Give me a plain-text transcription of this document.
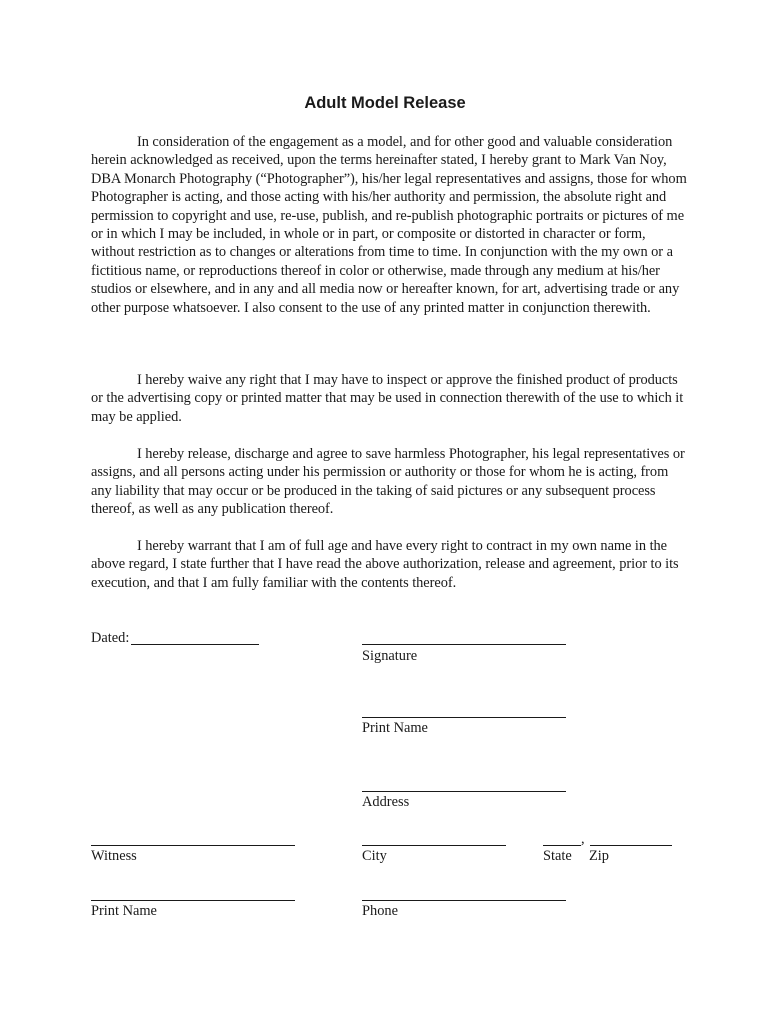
Adult Model Release

In consideration of the engagement as a model, and for other good and valuable consideration herein acknowledged as received, upon the terms hereinafter stated, I hereby grant to Mark Van Noy, DBA Monarch Photography (“Photographer”), his/her legal representatives and assigns, those for whom Photographer is acting, and those acting with his/her authority and permission, the absolute right and permission to copyright and use, re-use, publish, and re-publish photographic portraits or pictures of me or in which I may be included, in whole or in part, or composite or distorted in character or form, without restriction as to changes or alterations from time to time. In conjunction with the my own or a fictitious name, or reproductions thereof in color or otherwise, made through any medium at his/her studios or elsewhere, and in any and all media now or hereafter known, for art, advertising trade or any other purpose whatsoever. I also consent to the use of any printed matter in conjunction therewith.

I hereby waive any right that I may have to inspect or approve the finished product of products or the advertising copy or printed matter that may be used in connection therewith of the use to which it may be applied.

I hereby release, discharge and agree to save harmless Photographer, his legal representatives or assigns, and all persons acting under his permission or authority or those for whom he is acting, from any liability that may occur or be produced in the taking of said pictures or any subsequent process thereof, as well as any publication thereof.

I hereby warrant that I am of full age and have every right to contract in my own name in the above regard, I state further that I have read the above authorization, release and agreement, prior to its execution, and that I am fully familiar with the contents thereof.

Dated:
Signature
Print Name
Address
Witness	City
,
State Zip
Print Name	Phone
